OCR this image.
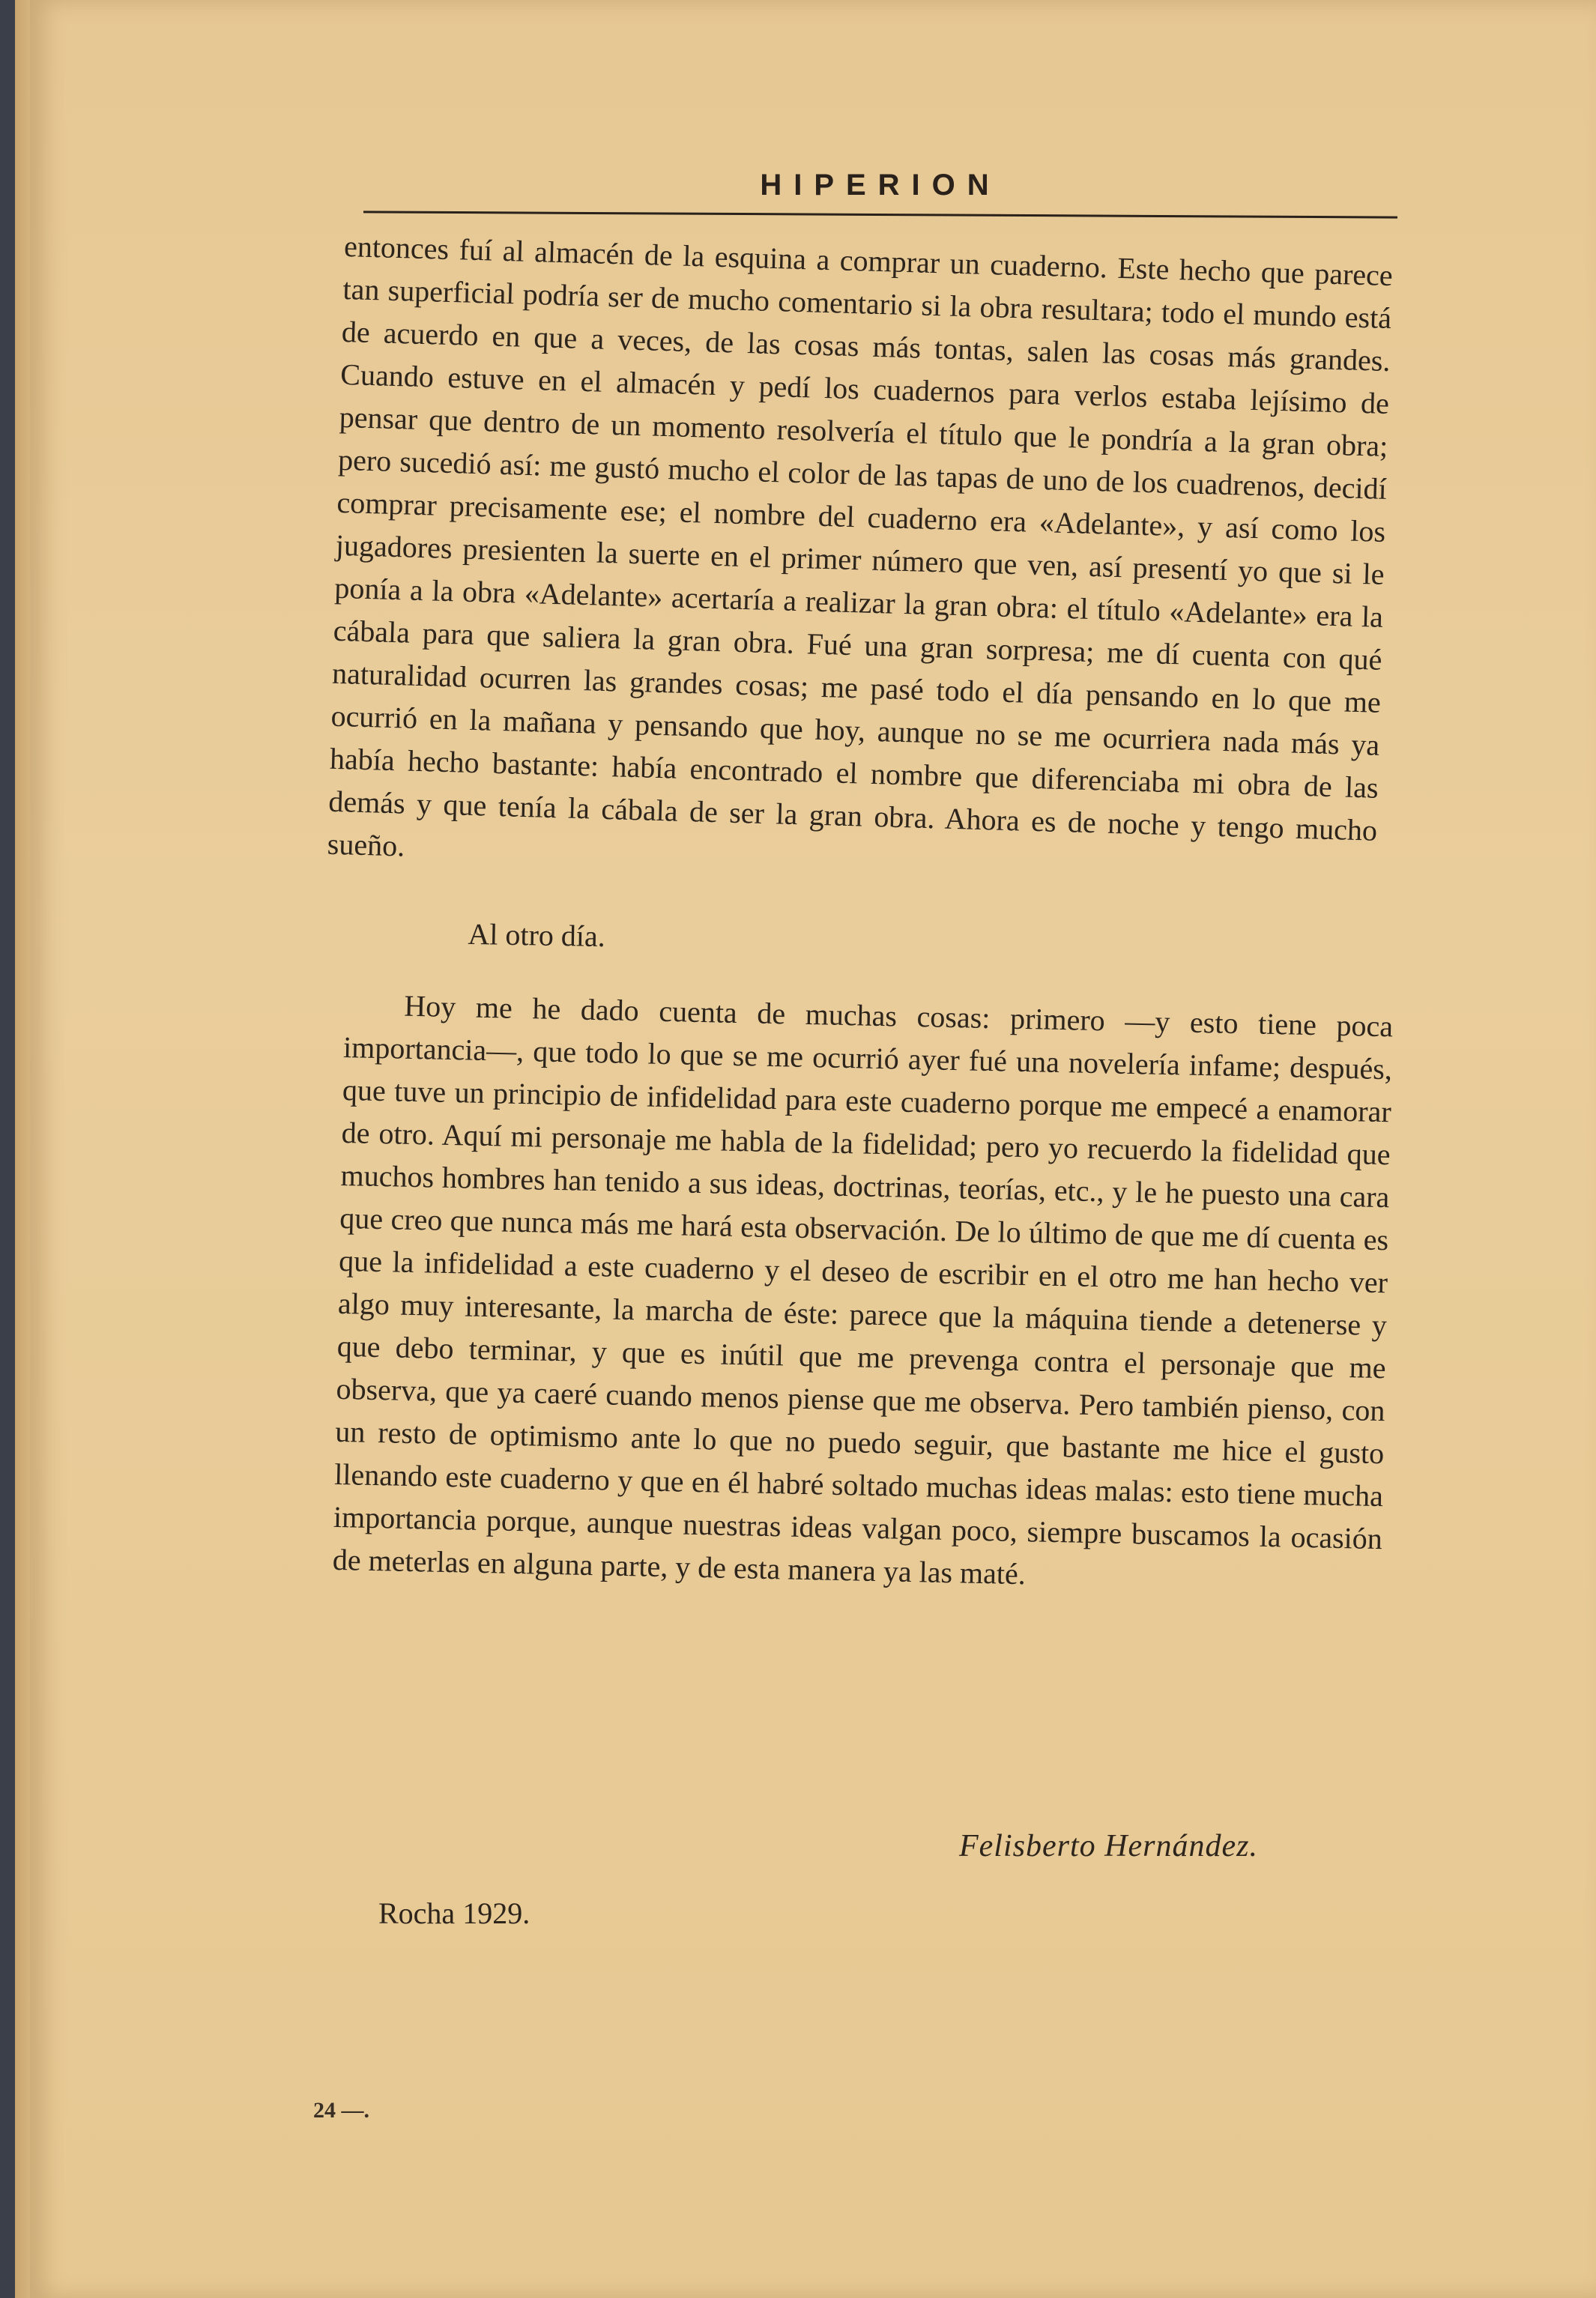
HIPERION

entonces fuí al almacén de la esquina a comprar un cuaderno. Este hecho que parece tan superficial podría ser de mucho comentario si la obra resultara; todo el mundo está de acuerdo en que a veces, de las cosas más tontas, salen las cosas más grandes. Cuando estuve en el almacén y pedí los cuadernos para verlos estaba lejísimo de pensar que dentro de un momento resolvería el título que le pondría a la gran obra; pero sucedió así: me gustó mucho el color de las tapas de uno de los cuadrenos, decidí comprar precisamente ese; el nombre del cuaderno era «Adelante», y así como los jugadores presienten la suerte en el primer número que ven, así presentí yo que si le ponía a la obra «Adelante» acertaría a realizar la gran obra: el título «Adelante» era la cábala para que saliera la gran obra. Fué una gran sorpresa; me dí cuenta con qué naturalidad ocurren las grandes cosas; me pasé todo el día pensando en lo que me ocurrió en la mañana y pensando que hoy, aunque no se me ocurriera nada más ya había hecho bastante: había encontrado el nombre que diferenciaba mi obra de las demás y que tenía la cábala de ser la gran obra. Ahora es de noche y tengo mucho sueño.

Al otro día.

Hoy me he dado cuenta de muchas cosas: primero —y esto tiene poca importancia—, que todo lo que se me ocurrió ayer fué una novelería infame; después, que tuve un principio de infidelidad para este cuaderno porque me empecé a enamorar de otro. Aquí mi personaje me habla de la fidelidad; pero yo recuerdo la fidelidad que muchos hombres han tenido a sus ideas, doctrinas, teorías, etc., y le he puesto una cara que creo que nunca más me hará esta observación. De lo último de que me dí cuenta es que la infidelidad a este cuaderno y el deseo de escribir en el otro me han hecho ver algo muy interesante, la marcha de éste: parece que la máquina tiende a detenerse y que debo terminar, y que es inútil que me prevenga contra el personaje que me observa, que ya caeré cuando menos piense que me observa. Pero también pienso, con un resto de optimismo ante lo que no puedo seguir, que bastante me hice el gusto llenando este cuaderno y que en él habré soltado muchas ideas malas: esto tiene mucha importancia porque, aunque nuestras ideas valgan poco, siempre buscamos la ocasión de meterlas en alguna parte, y de esta manera ya las maté.

Felisberto Hernández.
Rocha 1929.
24 —.
